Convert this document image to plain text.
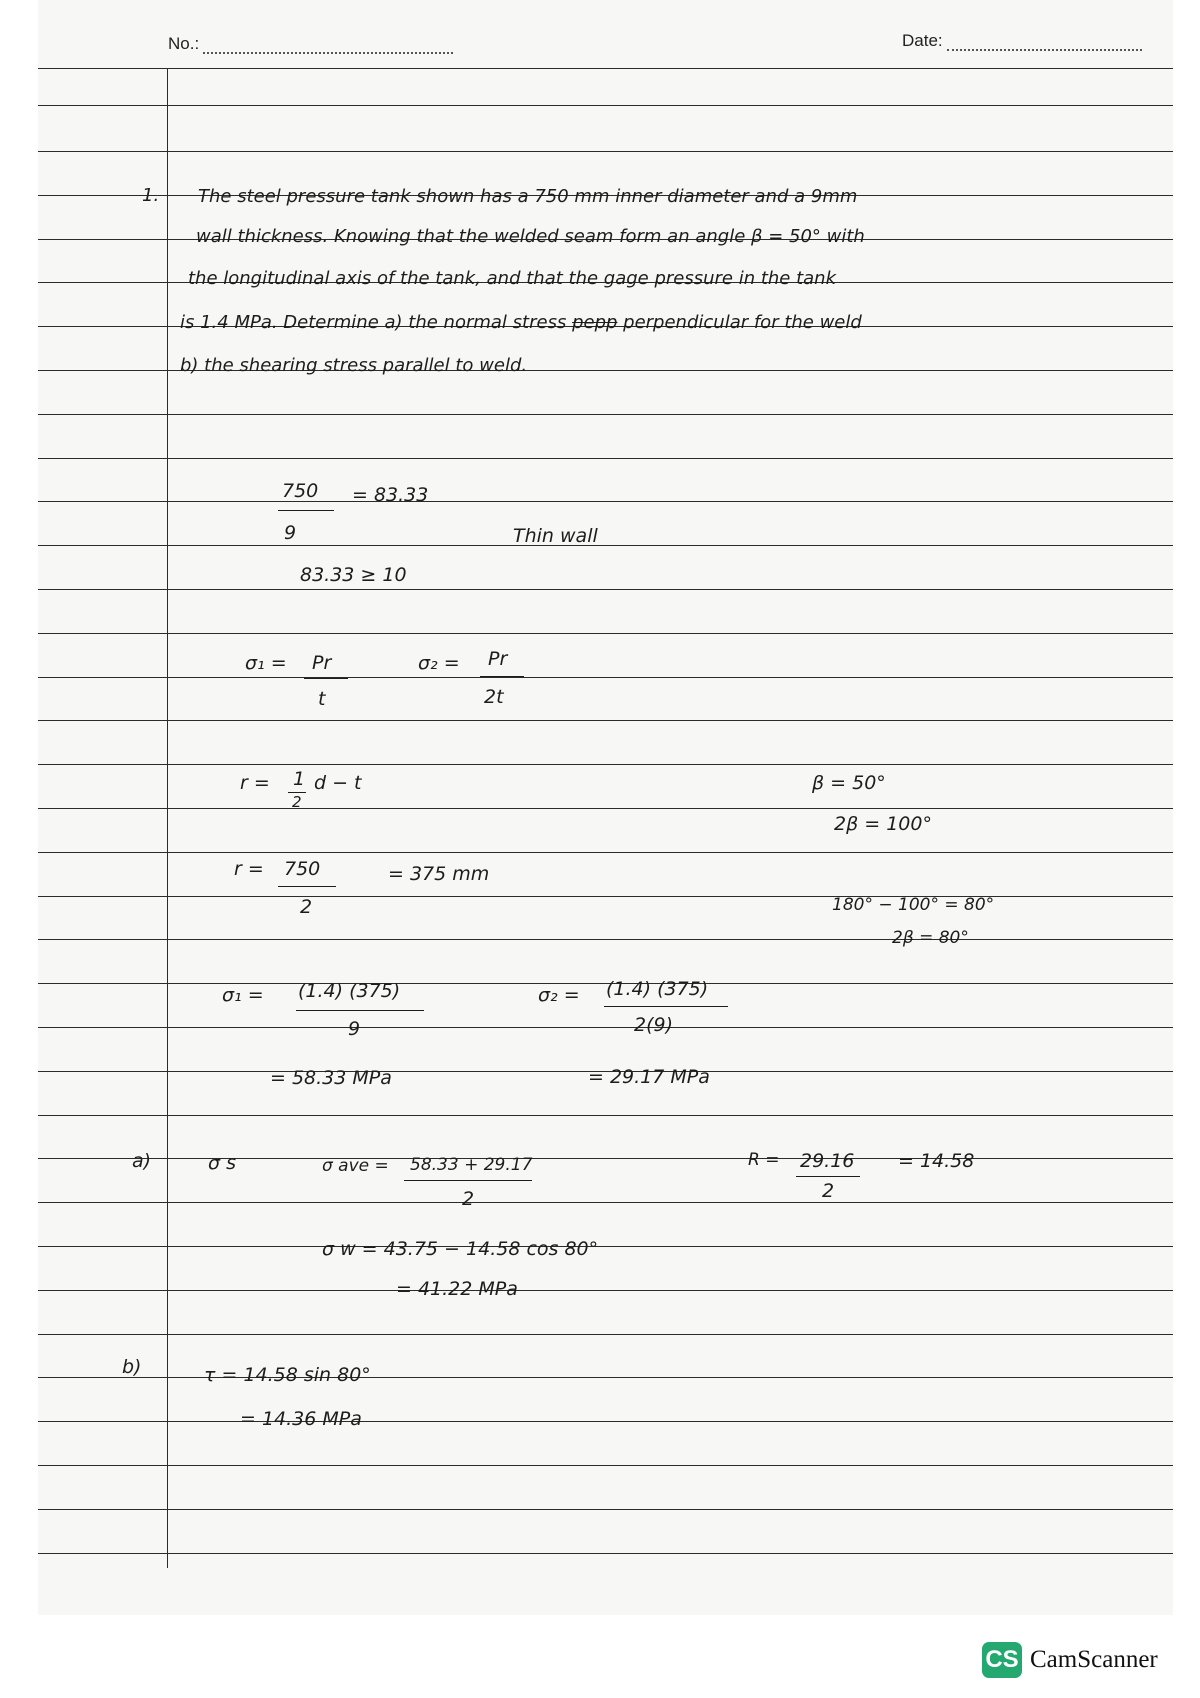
No.:	Date:
1. The steel pressure tank shown has a 750 mm inner diameter and a 9mm
wall thickness. Knowing that the welded seam form an angle β = 50° with
the longitudinal axis of the tank, and that the gage pressure in the tank
is 1.4 MPa. Determine a) the normal stress pepp perpendicular for the weld
b) the shearing stress parallel to weld.
750 = 83.33
9	Thin wall
83.33 ≥ 10
σ₁ = Pr
t
σ₂ = Pr
2t
r = 1
2
d − t	β = 50°
2β = 100°
r = 750	= 375 mm
2	180° − 100° = 80°
2β = 80°
σ₁ = (1.4) (375)
9
= 58.33 MPa
σ₂ = (1.4) (375)
2(9)
= 29.17 MPa
a)	σ s	σ ave = 58.33 + 29.17
2
R = 29.16
2
= 14.58
σ w = 43.75 − 14.58 cos 80°
= 41.22 MPa
b)	τ = 14.58 sin 80°
= 14.36 MPa
CS CamScanner
